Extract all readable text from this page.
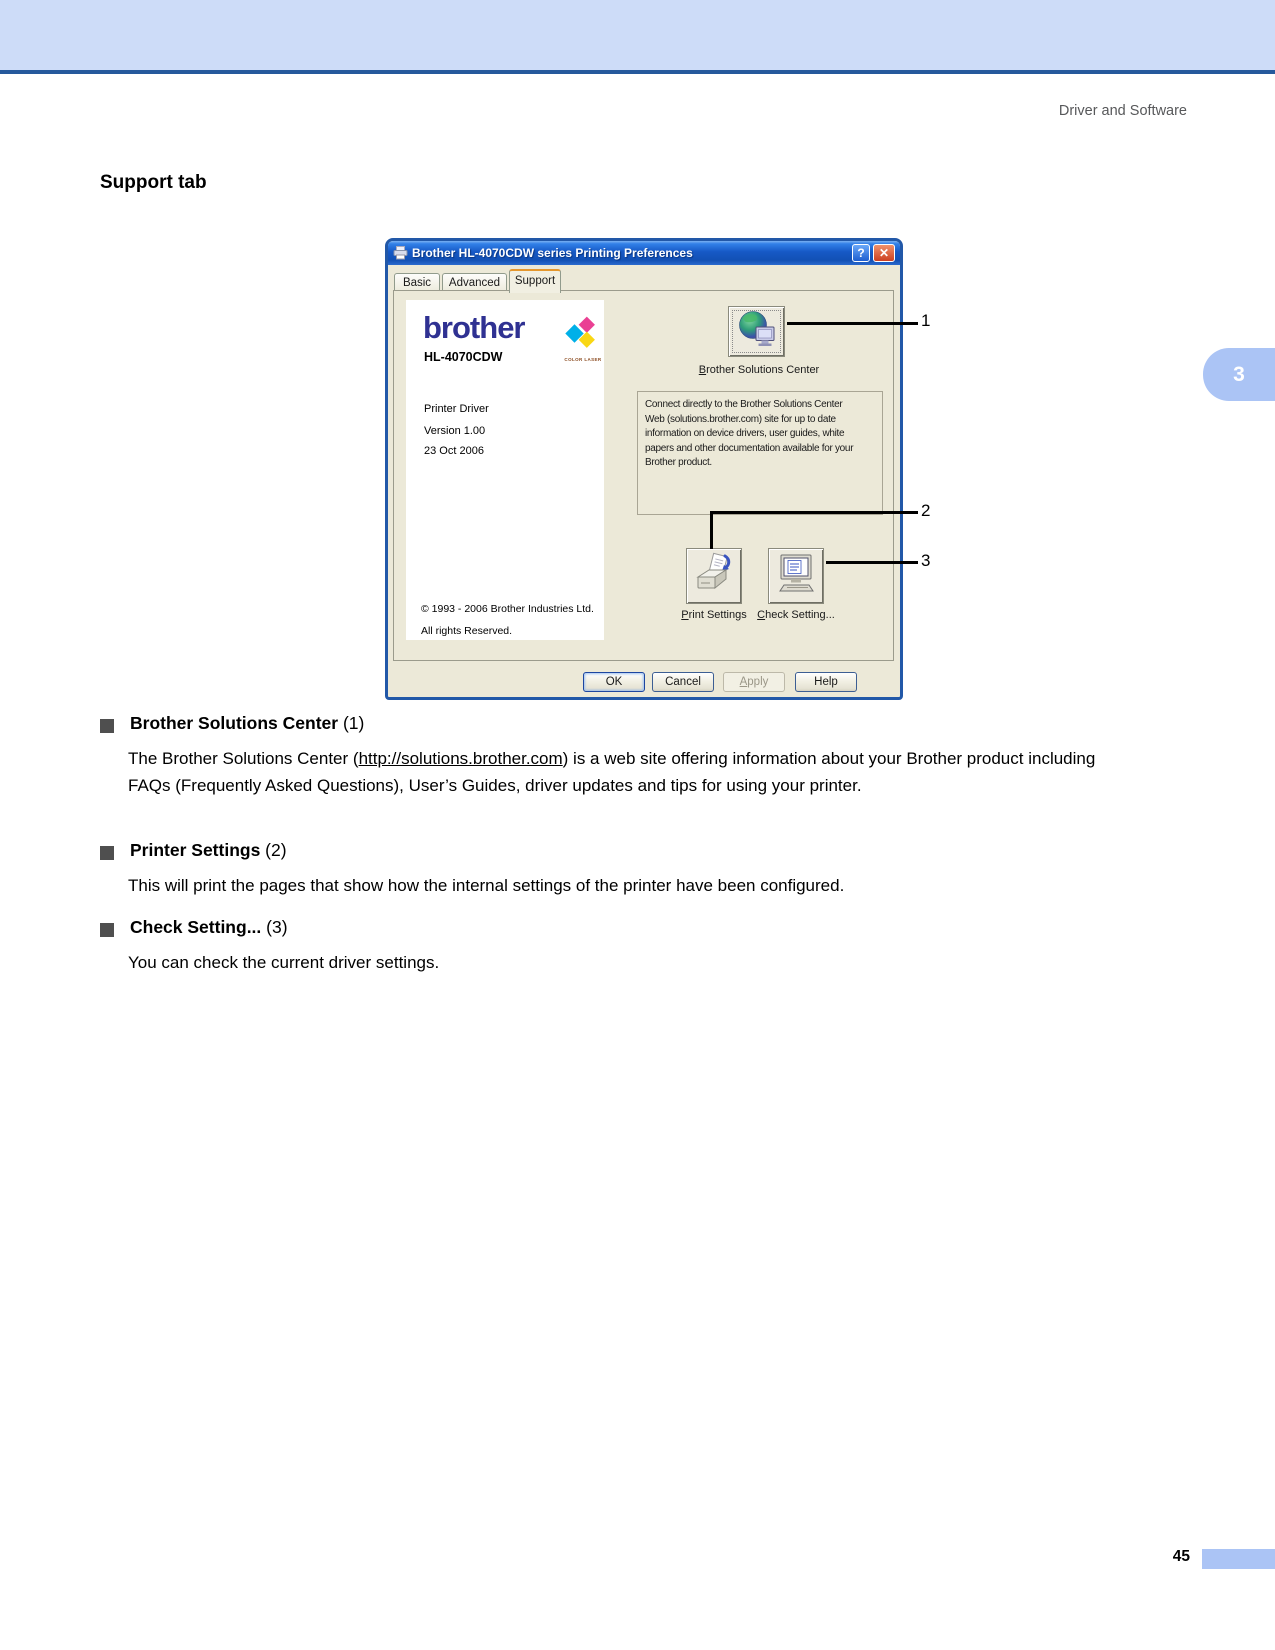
Driver and Software
Support tab
3
Brother HL-4070CDW series Printing Preferences	?	✕
Basic	Advanced	Support
brother
COLOR LASER
HL-4070CDW
Printer Driver
Version 1.00
23 Oct 2006
© 1993 - 2006 Brother Industries Ltd.
All rights Reserved.
Brother Solutions Center
Connect directly to the Brother Solutions Center
Web (solutions.brother.com) site for up to date
information on device drivers, user guides, white
papers and other documentation available for your
Brother product.
Print Settings Check Setting...
OK	Cancel	Apply	Help
1
2
3
Brother Solutions Center (1)
The Brother Solutions Center (http://solutions.brother.com) is a web site offering information about your Brother product including FAQs (Frequently Asked Questions), User’s Guides, driver updates and tips for using your printer.
Printer Settings (2)
This will print the pages that show how the internal settings of the printer have been configured.
Check Setting... (3)
You can check the current driver settings.
45
